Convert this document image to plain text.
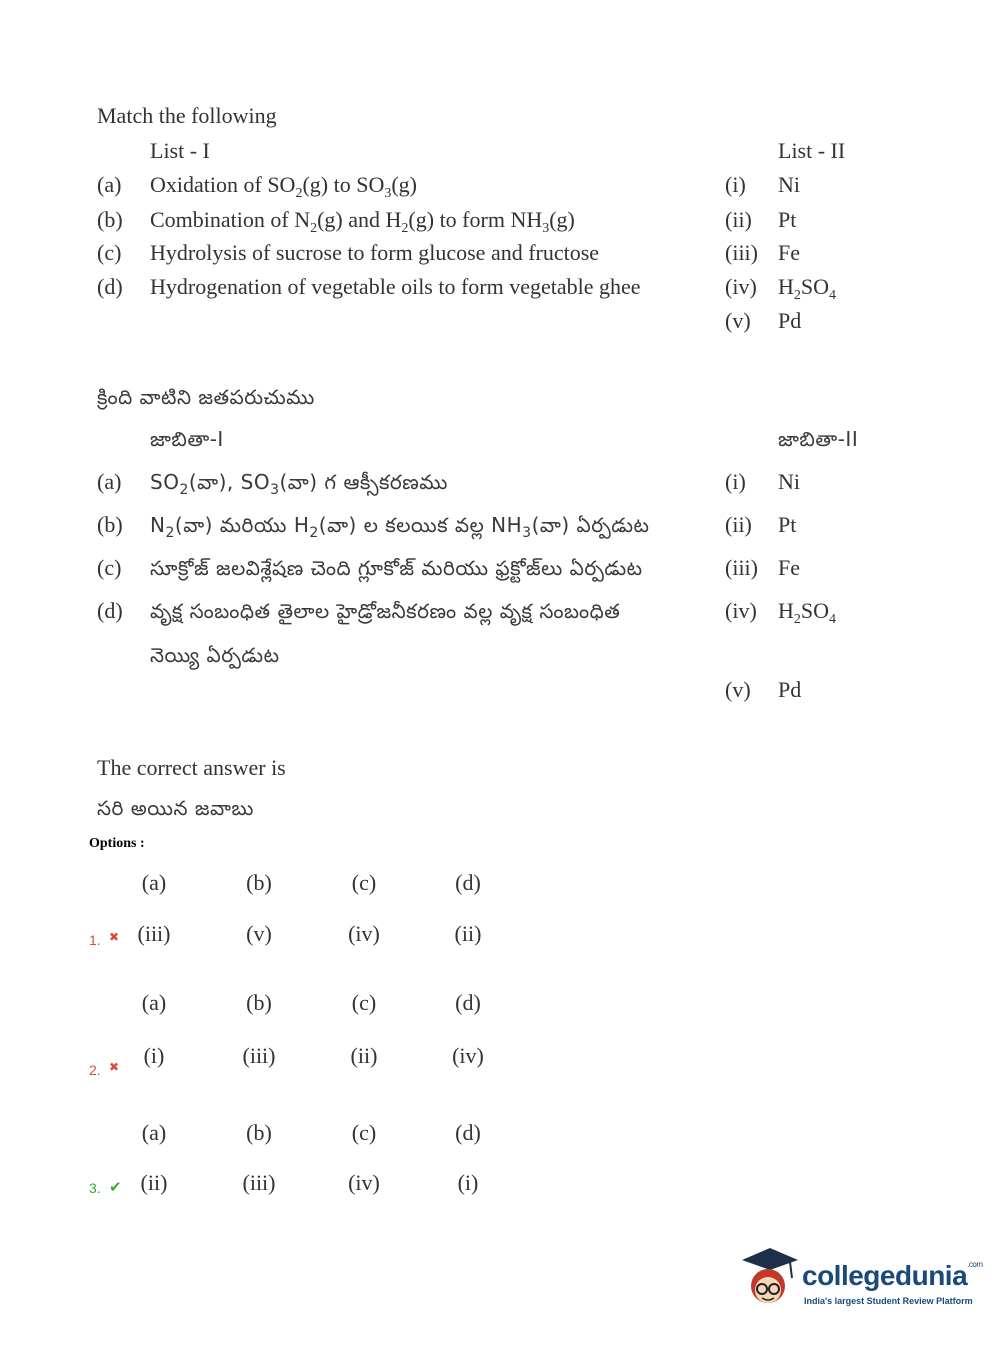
Match the following
List - I	List - II
(a) Oxidation of $SO_2(g)$ to $SO_3(g)$
(b) Combination of $N_2(g)$ and $H_2(g)$ to form $NH_3(g)$
(c) Hydrolysis of sucrose to form glucose and fructose
(d) Hydrogenation of vegetable oils to form vegetable ghee
(i) Ni
(ii) Pt
(iii) Fe
(iv) $H_2SO_4$
(v) Pd
క్రింది వాటిని జతపరుచుము
జాబితా-I	జాబితా-II
(a) $SO_2(వా)$, $SO_3(వా)$ గ ఆక్సీకరణము
(b) $N_2(వా)$ మరియు $H_2(వా)$ ల కలయిక వల్ల $NH_3(వా)$ ఏర్పడుట
(c) సూక్రోజ్ జలవిశ్లేషణ చెంది గ్లూకోజ్ మరియు ఫ్రక్టోజ్‌లు ఏర్పడుట
(d) వృక్ష సంబంధిత తైలాల హైడ్రోజనీకరణం వల్ల వృక్ష సంబంధిత
నెయ్యి ఏర్పడుట
(i) Ni
(ii) Pt
(iii) Fe
(iv) $H_2SO_4$
(v) Pd
The correct answer is
సరి అయిన జవాబు
Options :
(a)	(b)	(c)	(d)
(iii)	(v)	(iv)	(ii)
1. ✖
(a)	(b)	(c)	(d)
(i)	(iii)	(ii)	(iv)
2. ✖
(a)	(b)	(c)	(d)
(ii)	(iii)	(iv)	(i)
3. ✔
collegedunia$^{.com}$
India's largest Student Review Platform
